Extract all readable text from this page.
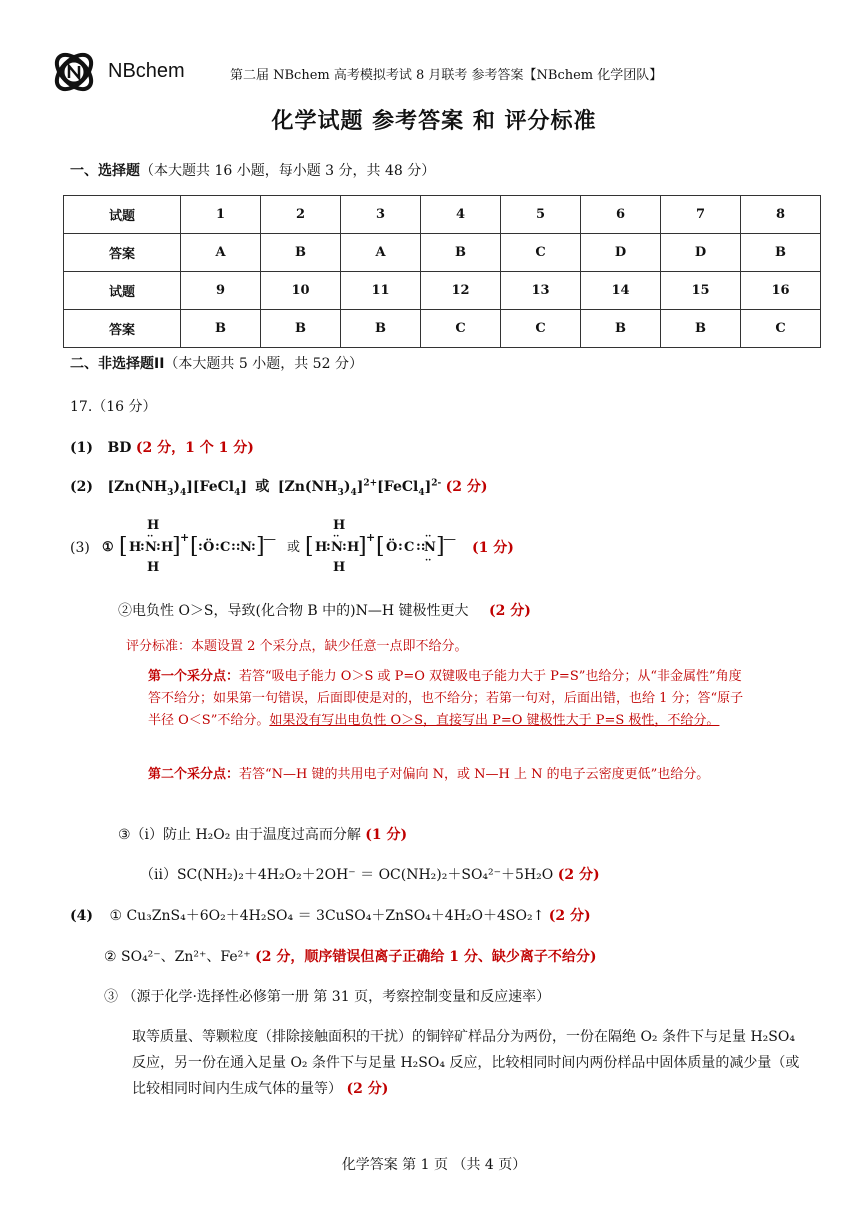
NBchem	第二届 NBchem 高考模拟考试 8 月联考 参考答案【NBchem 化学团队】
化学试题 参考答案 和 评分标准
一、选择题（本大题共 16 小题，每小题 3 分，共 48 分）
试题	1	2	3	4	5	6	7	8
答案	A	B	A	B	C	D	D	B
试题	9	10	11	12	13	14	15	16
答案	B	B	B	C	C	B	B	C
二、非选择题II（本大题共 5 小题，共 52 分）
17.（16 分）
(1) BD (2 分，1 个 1 分)
(2) $[Zn(NH_3)_4][FeCl_4]$ 或 $[Zn(NH_3)_4]^{2+}[FeCl_4]^{2-}$ (2 分)
(3) ① [ H
: N
··
: H
]
H
H
+ [ : Ö : C :: N : ]
—
或 [ H
: N
··
: H
]
H
H
+ [ Ö : C ::
N
··
··
]
—
(1 分)
②电负性 O＞S，导致(化合物 B 中的)N—H 键极性更大 (2 分)
评分标准：本题设置 2 个采分点，缺少任意一点即不给分。
第一个采分点：若答“吸电子能力 O＞S 或 P=O 双键吸电子能力大于 P=S”也给分；从“非金属性”角度答不给分；如果第一句错误，后面即使是对的，也不给分；若第一句对，后面出错，也给 1 分；答“原子半径 O＜S”不给分。如果没有写出电负性 O＞S，直接写出 P=O 键极性大于 P=S 极性，不给分。
第二个采分点：若答“N—H 键的共用电子对偏向 N，或 N—H 上 N 的电子云密度更低”也给分。
③（i）防止 H₂O₂ 由于温度过高而分解 (1 分)
（ii）SC(NH₂)₂＋4H₂O₂＋2OH⁻ ＝ OC(NH₂)₂＋SO₄²⁻＋5H₂O (2 分)
(4) ① Cu₃ZnS₄＋6O₂＋4H₂SO₄ ＝ 3CuSO₄＋ZnSO₄＋4H₂O＋4SO₂↑ (2 分)
② SO₄²⁻、Zn²⁺、Fe²⁺ (2 分，顺序错误但离子正确给 1 分、缺少离子不给分)
③ （源于化学·选择性必修第一册 第 31 页，考察控制变量和反应速率）
取等质量、等颗粒度（排除接触面积的干扰）的铜锌矿样品分为两份，一份在隔绝 O₂ 条件下与足量 H₂SO₄ 反应，另一份在通入足量 O₂ 条件下与足量 H₂SO₄ 反应，比较相同时间内两份样品中固体质量的减少量（或比较相同时间内生成气体的量等） (2 分)
化学答案 第 1 页 （共 4 页）
